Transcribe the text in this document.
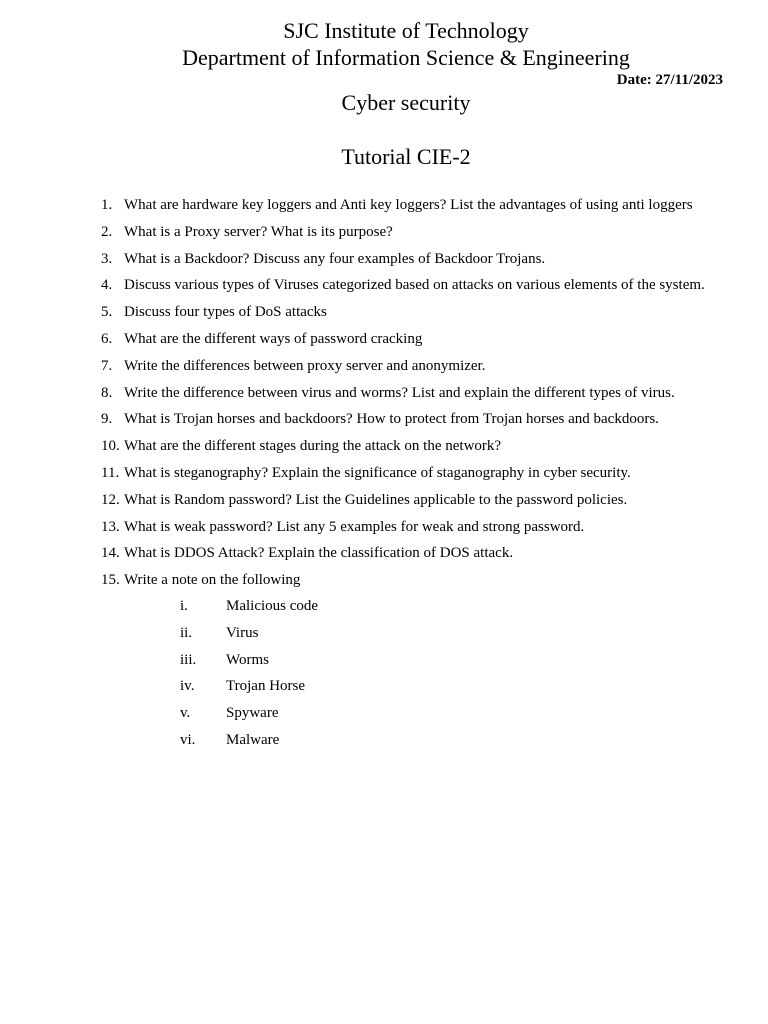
SJC Institute of Technology
Department of Information Science & Engineering
Date: 27/11/2023
Cyber security
Tutorial CIE-2
1. What are hardware key loggers and Anti key loggers? List the advantages of using anti loggers
2. What is a Proxy server? What is its purpose?
3. What is a Backdoor? Discuss any four examples of Backdoor Trojans.
4. Discuss various types of Viruses categorized based on attacks on various elements of the system.
5. Discuss four types of DoS attacks
6. What are the different ways of password cracking
7. Write the differences between proxy server and anonymizer.
8. Write the difference between virus and worms? List and explain the different types of virus.
9. What is Trojan horses and backdoors? How to protect from Trojan horses and backdoors.
10. What are the different stages during the attack on the network?
11. What is steganography? Explain the significance of staganography in cyber security.
12. What is Random password? List the Guidelines applicable to the password policies.
13. What is weak password? List any 5 examples for weak and strong password.
14. What is DDOS Attack? Explain the classification of DOS attack.
15. Write a note on the following
i.	Malicious code
ii. Virus
iii. Worms
iv. Trojan Horse
v. Spyware
vi. Malware
